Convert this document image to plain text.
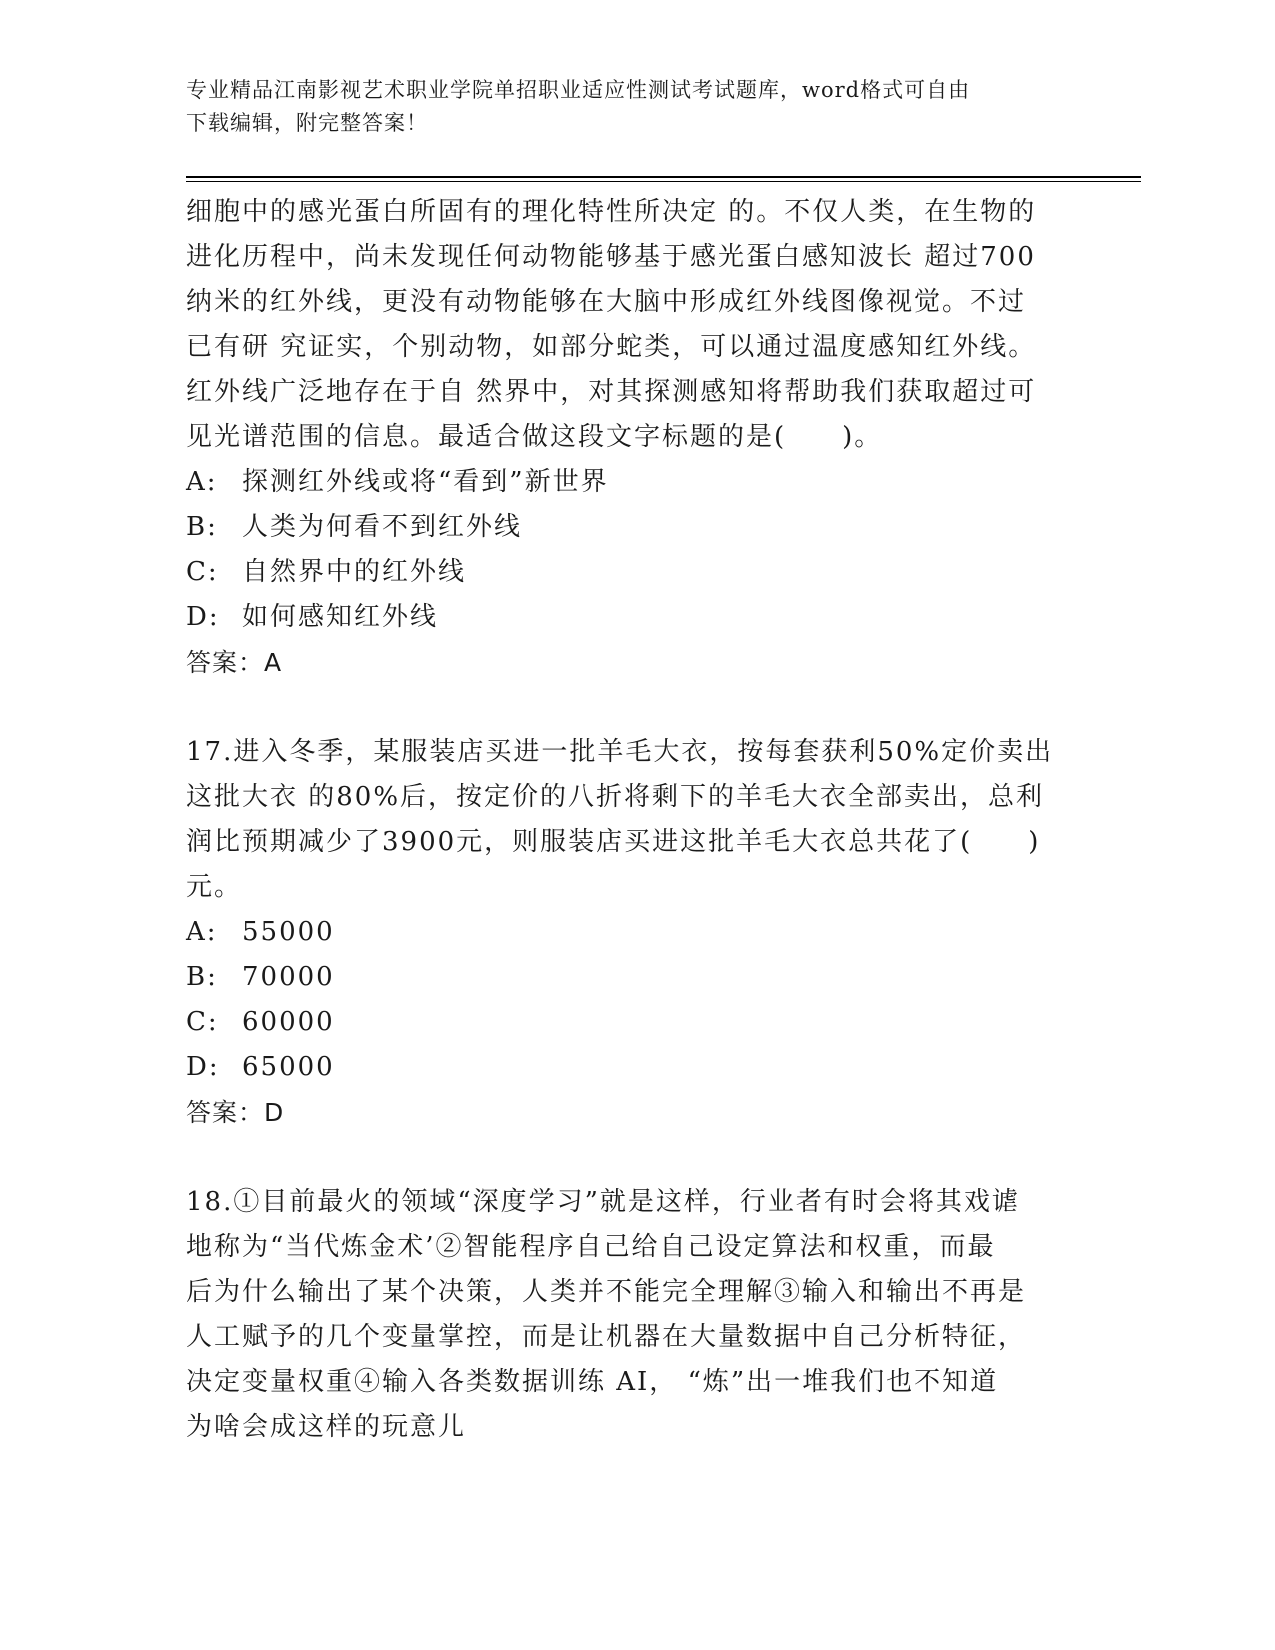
专业精品江南影视艺术职业学院单招职业适应性测试考试题库，word格式可自由
下载编辑，附完整答案！

细胞中的感光蛋白所固有的理化特性所决定 的。不仅人类，在生物的

进化历程中，尚未发现任何动物能够基于感光蛋白感知波长 超过700

纳米的红外线，更没有动物能够在大脑中形成红外线图像视觉。不过

已有研 究证实，个别动物，如部分蛇类，可以通过温度感知红外线。

红外线广泛地存在于自 然界中，对其探测感知将帮助我们获取超过可

见光谱范围的信息。最适合做这段文字标题的是(　　)。

A: 探测红外线或将“看到”新世界
B: 人类为何看不到红外线
C: 自然界中的红外线
D: 如何感知红外线

答案：A

17.进入冬季，某服装店买进一批羊毛大衣，按每套获利50%定价卖出

这批大衣 的80%后，按定价的八折将剩下的羊毛大衣全部卖出，总利

润比预期减少了3900元，则服装店买进这批羊毛大衣总共花了(　　)

元。

A: 55000
B: 70000
C: 60000
D: 65000

答案：D

18.①目前最火的领域“深度学习”就是这样，行业者有时会将其戏谑

地称为“当代炼金术’②智能程序自己给自己设定算法和权重，而最

后为什么输出了某个决策，人类并不能完全理解③输入和输出不再是

人工赋予的几个变量掌控，而是让机器在大量数据中自己分析特征，

决定变量权重④输入各类数据训练 AI， “炼”出一堆我们也不知道

为啥会成这样的玩意儿
